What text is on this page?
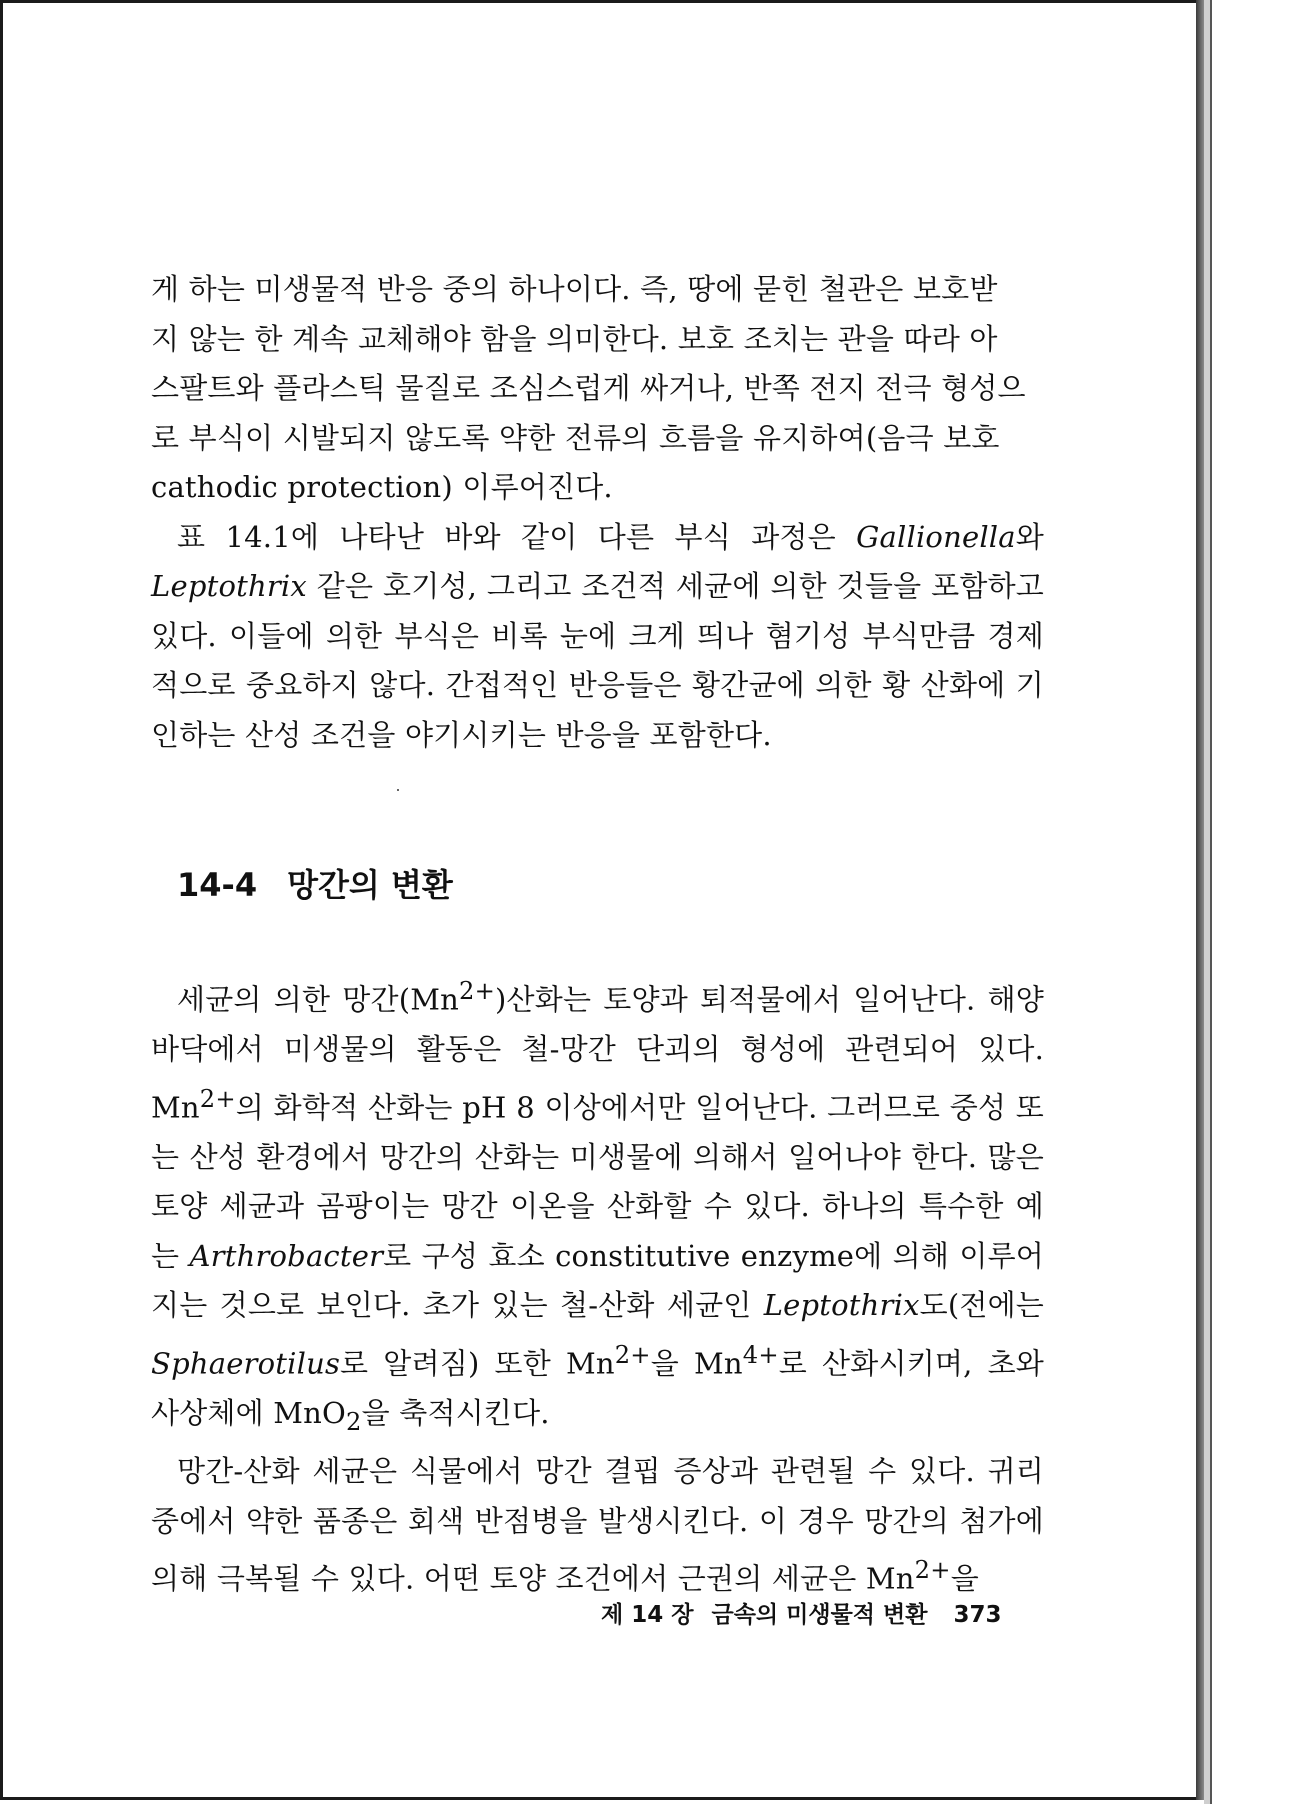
게 하는 미생물적 반응 중의 하나이다. 즉, 땅에 묻힌 철관은 보호받
지 않는 한 계속 교체해야 함을 의미한다. 보호 조치는 관을 따라 아
스팔트와 플라스틱 물질로 조심스럽게 싸거나, 반쪽 전지 전극 형성으
로 부식이 시발되지 않도록 약한 전류의 흐름을 유지하여(음극 보호
cathodic protection) 이루어진다.

표 14.1에 나타난 바와 같이 다른 부식 과정은 Gallionella와 Leptothrix 같은 호기성, 그리고 조건적 세균에 의한 것들을 포함하고 있다. 이들에 의한 부식은 비록 눈에 크게 띄나 혐기성 부식만큼 경제적으로 중요하지 않다. 간접적인 반응들은 황간균에 의한 황 산화에 기인하는 산성 조건을 야기시키는 반응을 포함한다.

14-4 망간의 변환

세균의 의한 망간$(Mn^{2+})$산화는 토양과 퇴적물에서 일어난다. 해양 바닥에서 미생물의 활동은 철-망간 단괴의 형성에 관련되어 있다. $Mn^{2+}$의 화학적 산화는 pH 8 이상에서만 일어난다. 그러므로 중성 또는 산성 환경에서 망간의 산화는 미생물에 의해서 일어나야 한다. 많은 토양 세균과 곰팡이는 망간 이온을 산화할 수 있다. 하나의 특수한 예는 Arthrobacter로 구성 효소 constitutive enzyme에 의해 이루어지는 것으로 보인다. 초가 있는 철-산화 세균인 Leptothrix도(전에는 Sphaerotilus로 알려짐) 또한 $Mn^{2+}$을 $Mn^{4+}$로 산화시키며, 초와 사상체에 MnO$_2$을 축적시킨다.

망간-산화 세균은 식물에서 망간 결핍 증상과 관련될 수 있다. 귀리 중에서 약한 품종은 회색 반점병을 발생시킨다. 이 경우 망간의 첨가에 의해 극복될 수 있다. 어떤 토양 조건에서 근권의 세균은 $Mn^{2+}$을

제 14 장 금속의 미생물적 변환 373
